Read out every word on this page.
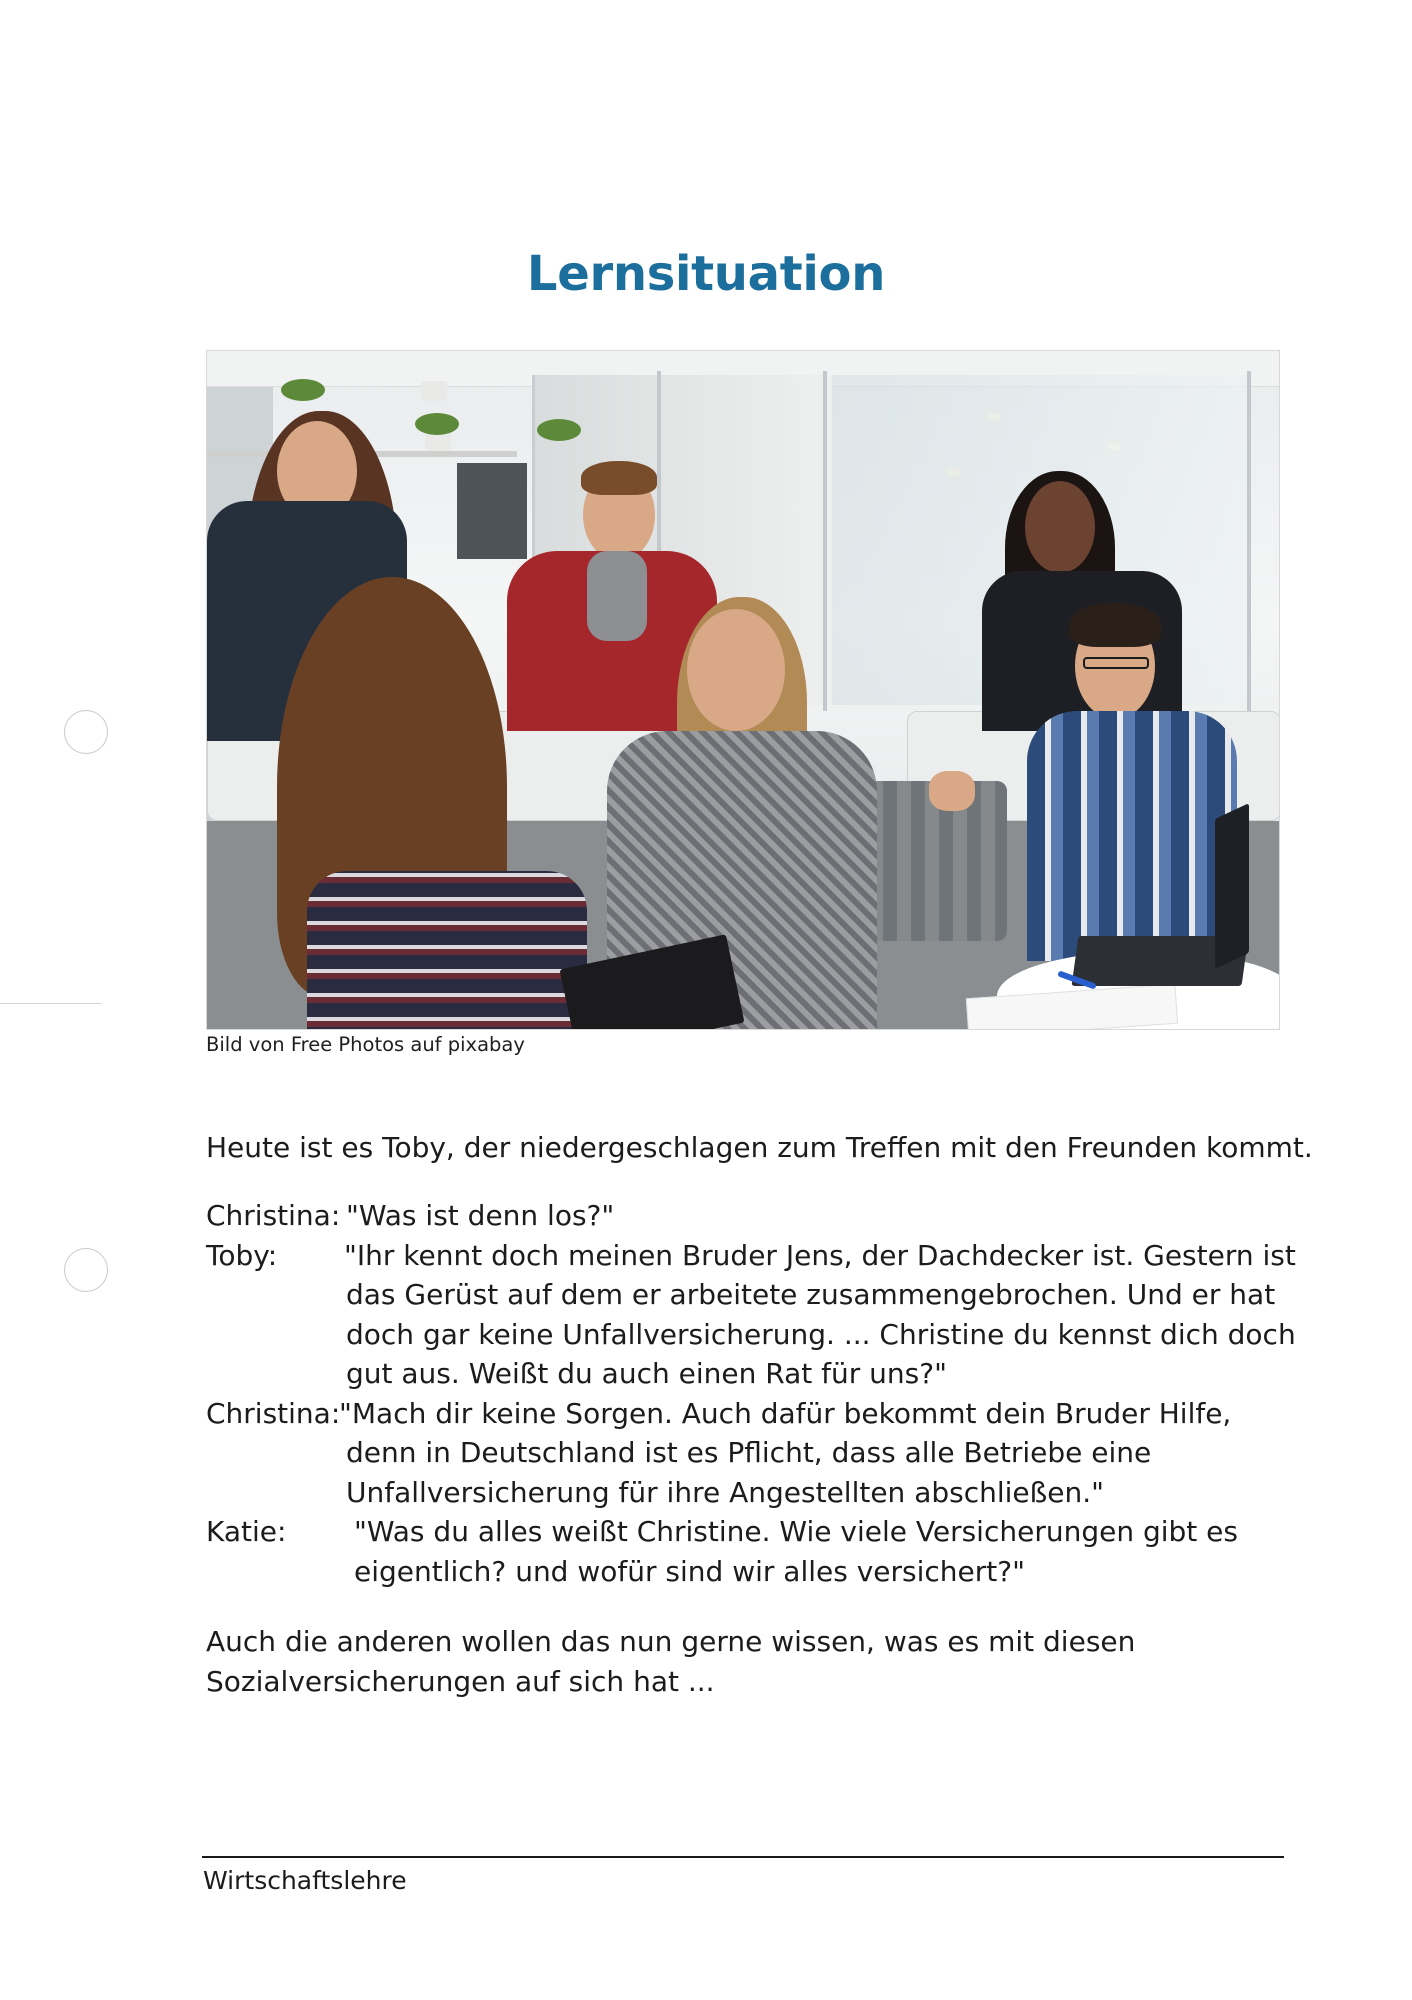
Lernsituation

Bild von Free Photos auf pixabay

Heute ist es Toby, der niedergeschlagen zum Treffen mit den Freunden kommt.

Christina: "Was ist denn los?"

Toby:	"Ihr kennt doch meinen Bruder Jens, der Dachdecker ist. Gestern ist

das Gerüst auf dem er arbeitete zusammengebrochen. Und er hat

doch gar keine Unfallversicherung. ... Christine du kennst dich doch

gut aus. Weißt du auch einen Rat für uns?"

Christina:

"Mach dir keine Sorgen. Auch dafür bekommt dein Bruder Hilfe,

denn in Deutschland ist es Pflicht, dass alle Betriebe eine

Unfallversicherung für ihre Angestellten abschließen."

Katie:	"Was du alles weißt Christine. Wie viele Versicherungen gibt es

eigentlich? und wofür sind wir alles versichert?"

Auch die anderen wollen das nun gerne wissen, was es mit diesen

Sozialversicherungen auf sich hat ...

Wirtschaftslehre
